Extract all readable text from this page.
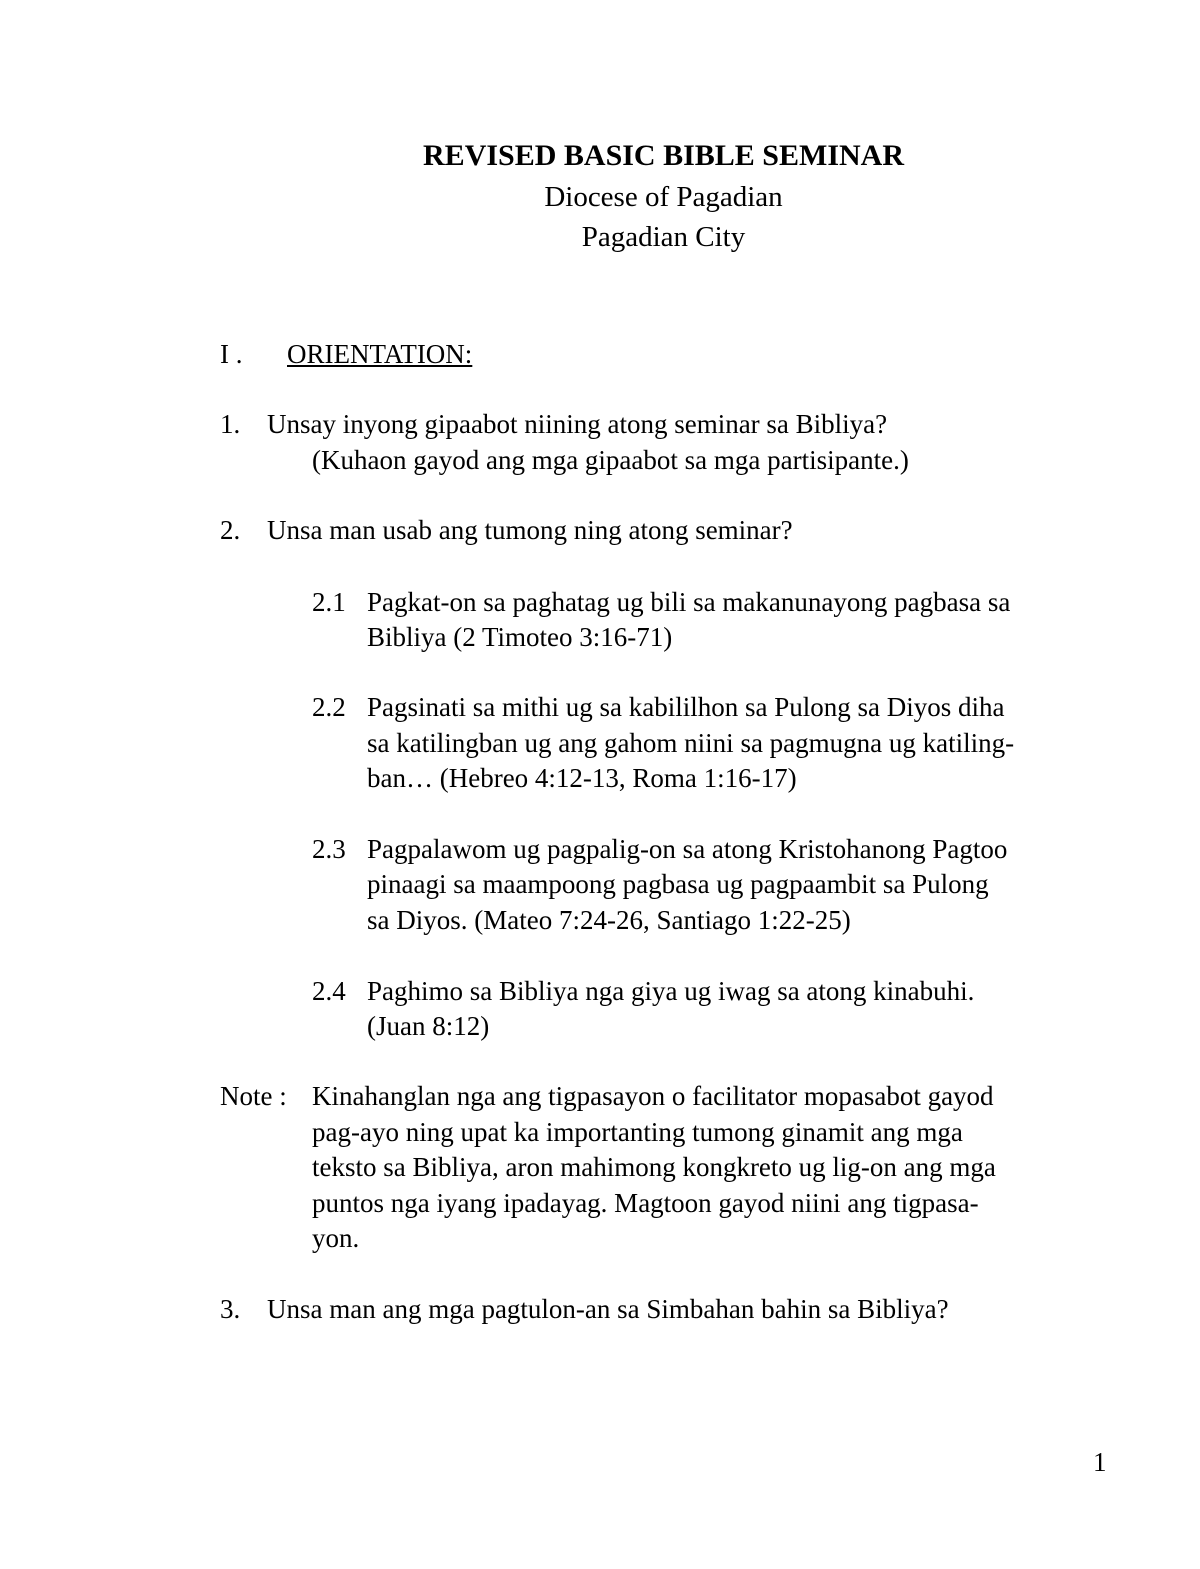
REVISED BASIC BIBLE SEMINAR
Diocese of Pagadian
Pagadian City
I . ORIENTATION:
1. Unsay inyong gipaabot niining atong seminar sa Bibliya?
(Kuhaon gayod ang mga gipaabot sa mga partisipante.)
2. Unsa man usab ang tumong ning atong seminar?
2.1 Pagkat-on sa paghatag ug bili sa makanunayong pagbasa sa
Bibliya (2 Timoteo 3:16-71)
2.2 Pagsinati sa mithi ug sa kabililhon sa Pulong sa Diyos diha
sa katilingban ug ang gahom niini sa pagmugna ug katiling-
ban… (Hebreo 4:12-13, Roma 1:16-17)
2.3 Pagpalawom ug pagpalig-on sa atong Kristohanong Pagtoo
pinaagi sa maampoong pagbasa ug pagpaambit sa Pulong
sa Diyos. (Mateo 7:24-26, Santiago 1:22-25)
2.4 Paghimo sa Bibliya nga giya ug iwag sa atong kinabuhi.
(Juan 8:12)
Note : Kinahanglan nga ang tigpasayon o facilitator mopasabot gayod
pag-ayo ning upat ka importanting tumong ginamit ang mga
teksto sa Bibliya, aron mahimong kongkreto ug lig-on ang mga
puntos nga iyang ipadayag. Magtoon gayod niini ang tigpasa-
yon.
3. Unsa man ang mga pagtulon-an sa Simbahan bahin sa Bibliya?
1
